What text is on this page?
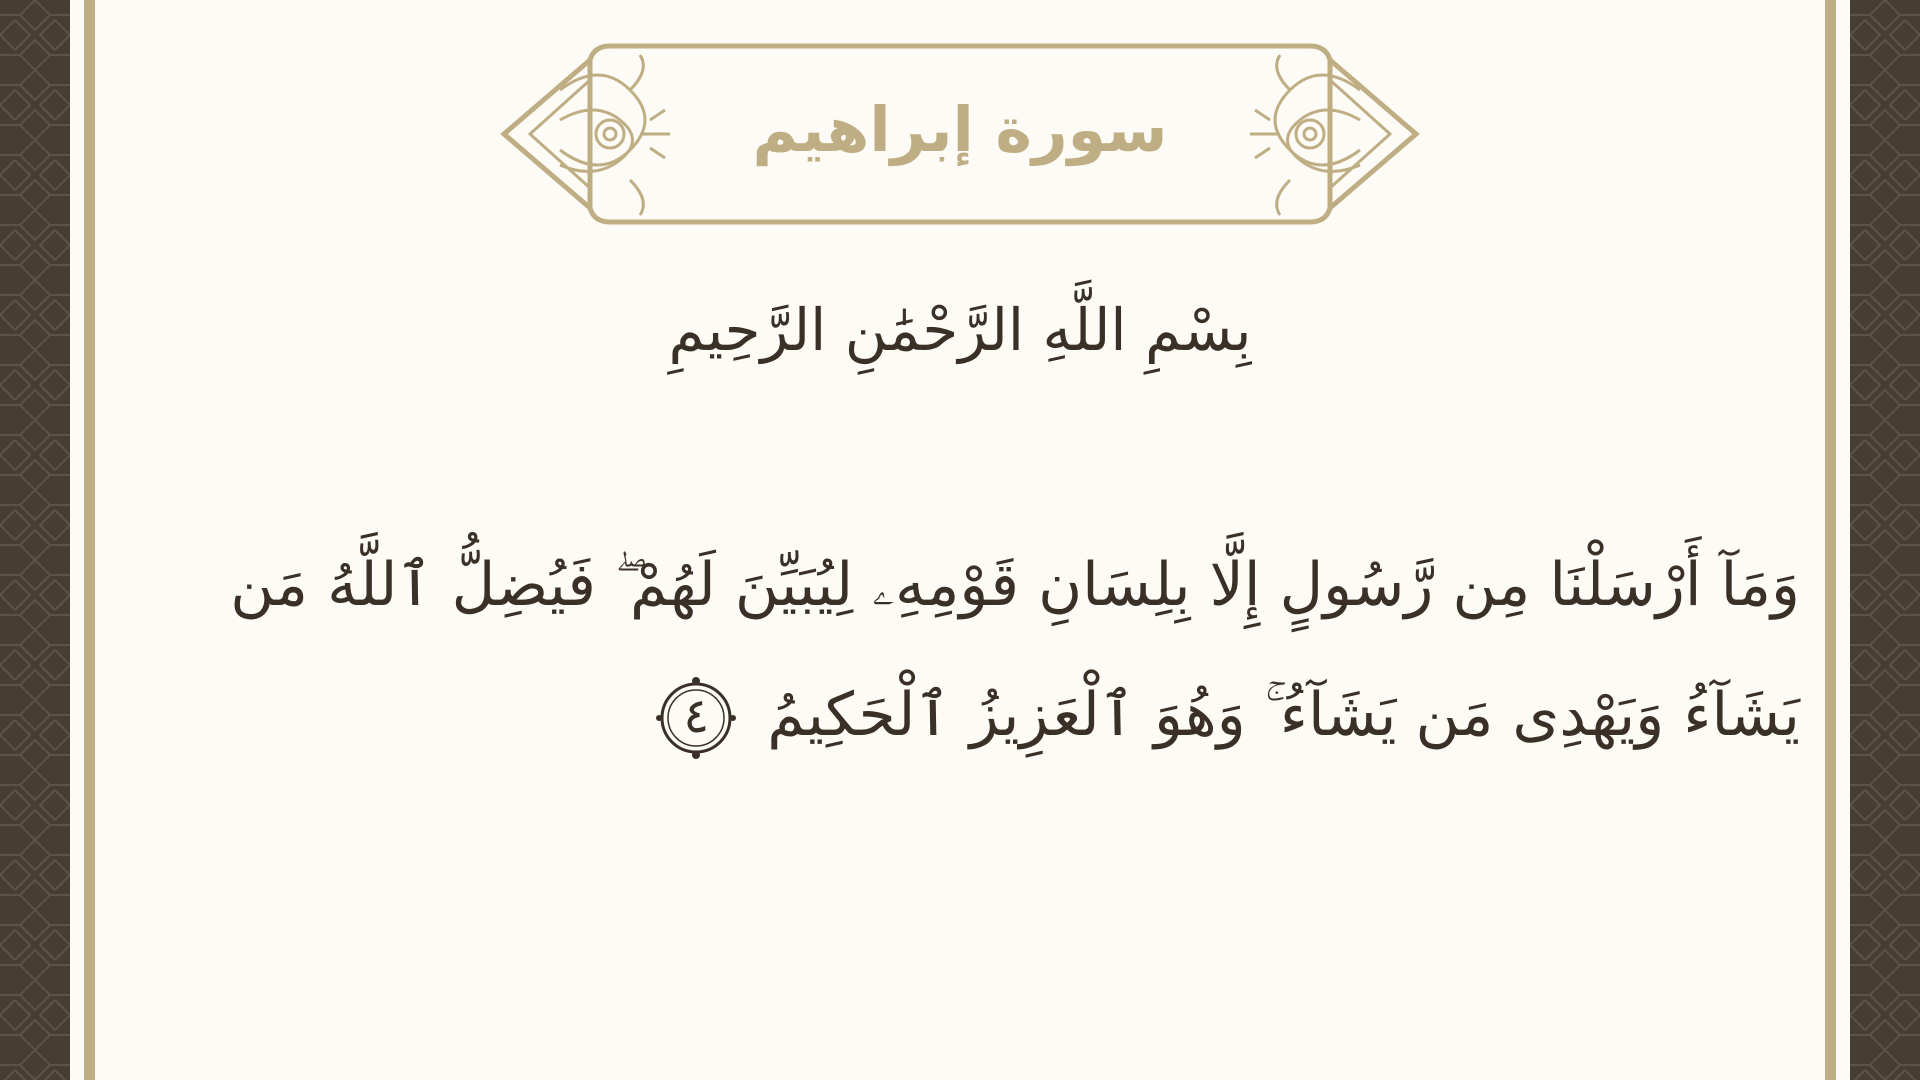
سورة إبراهيم
بِسْمِ اللَّهِ الرَّحْمَٰنِ الرَّحِيمِ
وَمَآ أَرْسَلْنَا مِن رَّسُولٍ إِلَّا بِلِسَانِ قَوْمِهِۦ لِيُبَيِّنَ لَهُمْ ۖ فَيُضِلُّ ٱللَّهُ مَن يَشَآءُ وَيَهْدِى مَن يَشَآءُ ۚ وَهُوَ ٱلْعَزِيزُ ٱلْحَكِيمُ
٤
